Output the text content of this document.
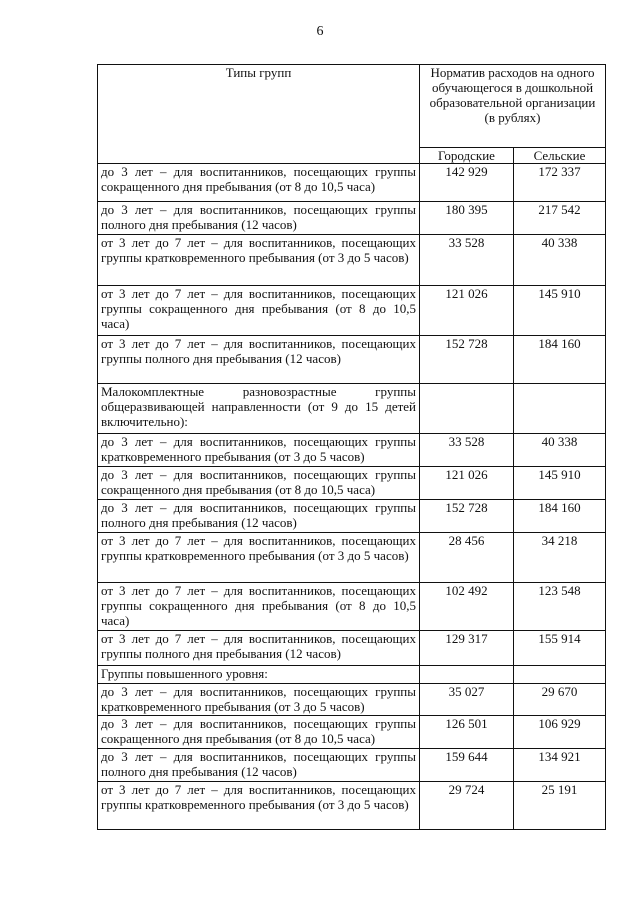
6
Типы групп	Норматив расходов на одного обучающегося в дошкольной образовательной организации (в рублях)	
	Городские	Сельские
до 3 лет – для воспитанников, посещающих группы сокращенного дня пребывания (от 8 до 10,5 часа)	142 929	172 337
до 3 лет – для воспитанников, посещающих группы полного дня пребывания (12 часов)	180 395	217 542
от 3 лет до 7 лет – для воспитанников, посещающих группы кратковременного пребывания (от 3 до 5 часов)	33 528	40 338
от 3 лет до 7 лет – для воспитанников, посещающих группы сокращенного дня пребывания (от 8 до 10,5 часа)	121 026	145 910
от 3 лет до 7 лет – для воспитанников, посещающих группы полного дня пребывания (12 часов)	152 728	184 160
Малокомплектные разновозрастные группы общеразвивающей направленности (от 9 до 15 детей включительно):		
до 3 лет – для воспитанников, посещающих группы кратковременного пребывания (от 3 до 5 часов)	33 528	40 338
до 3 лет – для воспитанников, посещающих группы сокращенного дня пребывания (от 8 до 10,5 часа)	121 026	145 910
до 3 лет – для воспитанников, посещающих группы полного дня пребывания (12 часов)	152 728	184 160
от 3 лет до 7 лет – для воспитанников, посещающих группы кратковременного пребывания (от 3 до 5 часов)	28 456	34 218
от 3 лет до 7 лет – для воспитанников, посещающих группы сокращенного дня пребывания (от 8 до 10,5 часа)	102 492	123 548
от 3 лет до 7 лет – для воспитанников, посещающих группы полного дня пребывания (12 часов)	129 317	155 914
Группы повышенного уровня:		
до 3 лет – для воспитанников, посещающих группы кратковременного пребывания (от 3 до 5 часов)	35 027	29 670
до 3 лет – для воспитанников, посещающих группы сокращенного дня пребывания (от 8 до 10,5 часа)	126 501	106 929
до 3 лет – для воспитанников, посещающих группы полного дня пребывания (12 часов)	159 644	134 921
от 3 лет до 7 лет – для воспитанников, посещающих группы кратковременного пребывания (от 3 до 5 часов)	29 724	25 191
